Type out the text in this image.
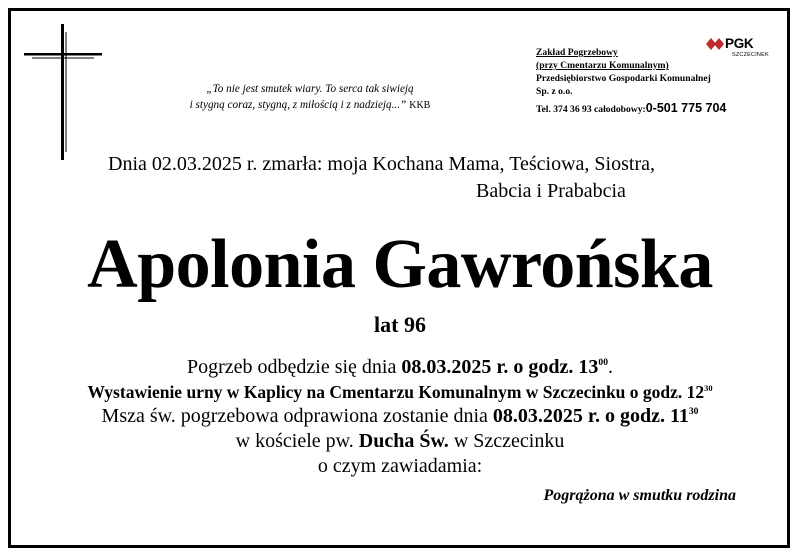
„To nie jest smutek wiary. To serca tak siwieją
i stygną coraz, stygną, z miłością i z nadzieją...” KKB
Zakład Pogrzebowy
(przy Cmentarzu Komunalnym)
Przedsiębiorstwo Gospodarki Komunalnej
Sp. z o.o.
Tel. 374 36 93 całodobowy:0-501 775 704
PGK
SZCZECINEK
Dnia 02.03.2025 r. zmarła: moja Kochana Mama, Teściowa, Siostra,
Babcia i Prababcia
Apolonia Gawrońska
lat 96
Pogrzeb odbędzie się dnia 08.03.2025 r. o godz. $13^{00}$.
Wystawienie urny w Kaplicy na Cmentarzu Komunalnym w Szczecinku o godz. $12^{30}$
Msza św. pogrzebowa odprawiona zostanie dnia 08.03.2025 r. o godz. $11^{30}$
w kościele pw. Ducha Św. w Szczecinku
o czym zawiadamia:
Pogrążona w smutku rodzina
